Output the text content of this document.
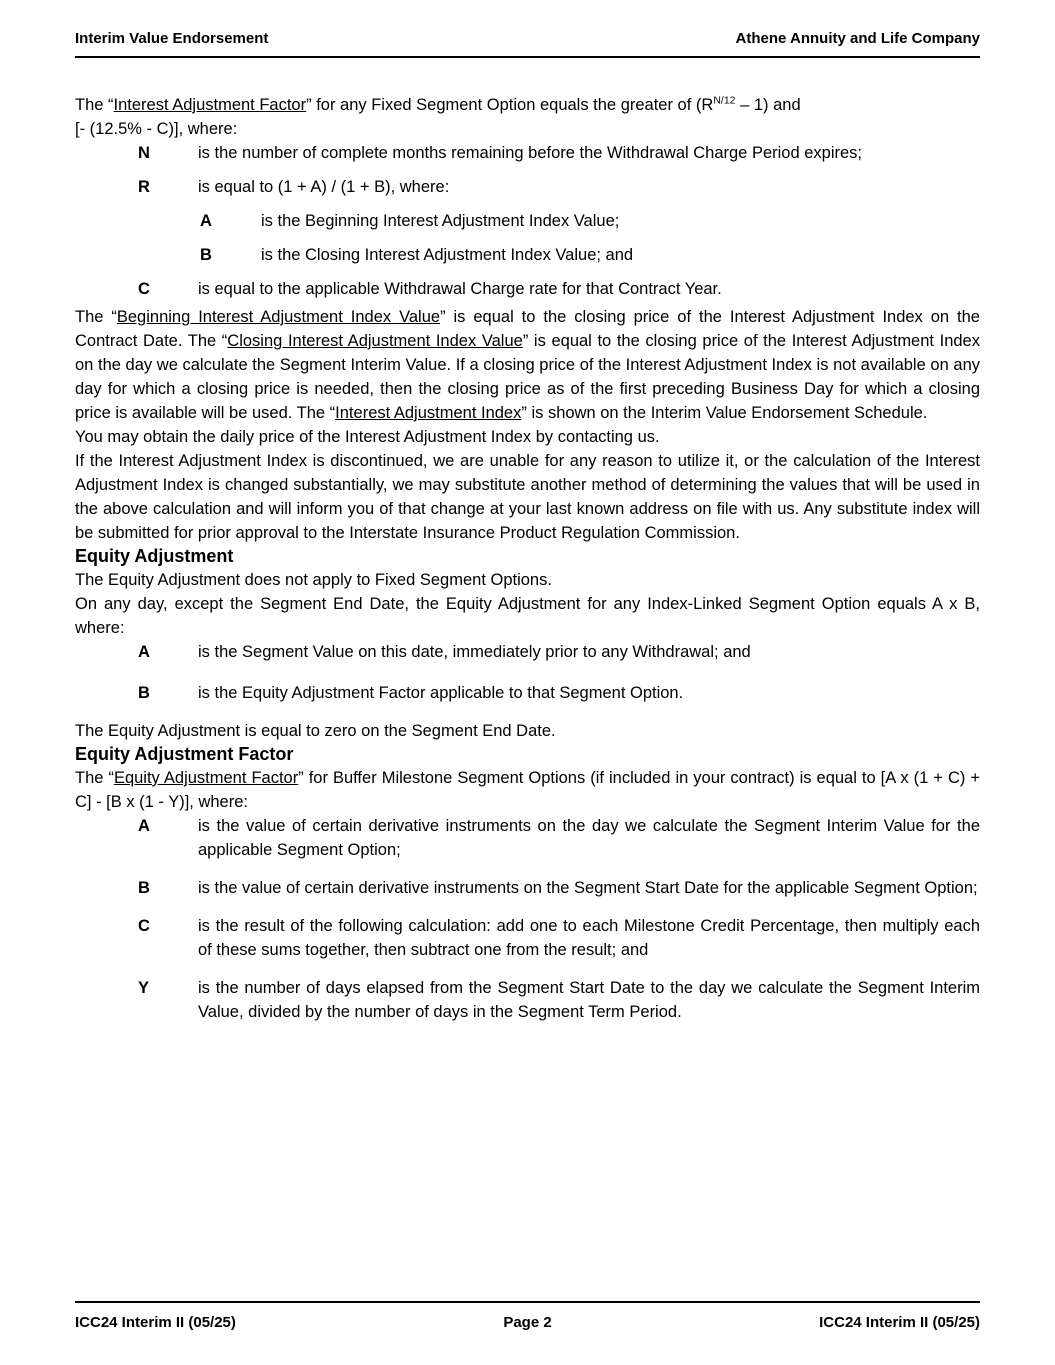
Interim Value Endorsement	Athene Annuity and Life Company

The “Interest Adjustment Factor” for any Fixed Segment Option equals the greater of $(R^{N/12} - 1)$ and

[- (12.5% - C)], where:

N	is the number of complete months remaining before the Withdrawal Charge Period expires;
R	is equal to (1 + A) / (1 + B), where:
A	is the Beginning Interest Adjustment Index Value;
B	is the Closing Interest Adjustment Index Value; and
C	is equal to the applicable Withdrawal Charge rate for that Contract Year.

The “Beginning Interest Adjustment Index Value” is equal to the closing price of the Interest Adjustment Index on the Contract Date. The “Closing Interest Adjustment Index Value” is equal to the closing price of the Interest Adjustment Index on the day we calculate the Segment Interim Value. If a closing price of the Interest Adjustment Index is not available on any day for which a closing price is needed, then the closing price as of the first preceding Business Day for which a closing price is available will be used. The “Interest Adjustment Index” is shown on the Interim Value Endorsement Schedule.

You may obtain the daily price of the Interest Adjustment Index by contacting us.

If the Interest Adjustment Index is discontinued, we are unable for any reason to utilize it, or the calculation of the Interest Adjustment Index is changed substantially, we may substitute another method of determining the values that will be used in the above calculation and will inform you of that change at your last known address on file with us. Any substitute index will be submitted for prior approval to the Interstate Insurance Product Regulation Commission.

Equity Adjustment

The Equity Adjustment does not apply to Fixed Segment Options.

On any day, except the Segment End Date, the Equity Adjustment for any Index-Linked Segment Option equals A x B, where:

A	is the Segment Value on this date, immediately prior to any Withdrawal; and
B	is the Equity Adjustment Factor applicable to that Segment Option.

The Equity Adjustment is equal to zero on the Segment End Date.

Equity Adjustment Factor

The “Equity Adjustment Factor” for Buffer Milestone Segment Options (if included in your contract) is equal to [A x (1 + C) + C] - [B x (1 - Y)], where:

A	is the value of certain derivative instruments on the day we calculate the Segment Interim Value for the applicable Segment Option;
B	is the value of certain derivative instruments on the Segment Start Date for the applicable Segment Option;
C	is the result of the following calculation: add one to each Milestone Credit Percentage, then multiply each of these sums together, then subtract one from the result; and
Y	is the number of days elapsed from the Segment Start Date to the day we calculate the Segment Interim Value, divided by the number of days in the Segment Term Period.
ICC24 Interim II (05/25)	Page 2	ICC24 Interim II (05/25)
